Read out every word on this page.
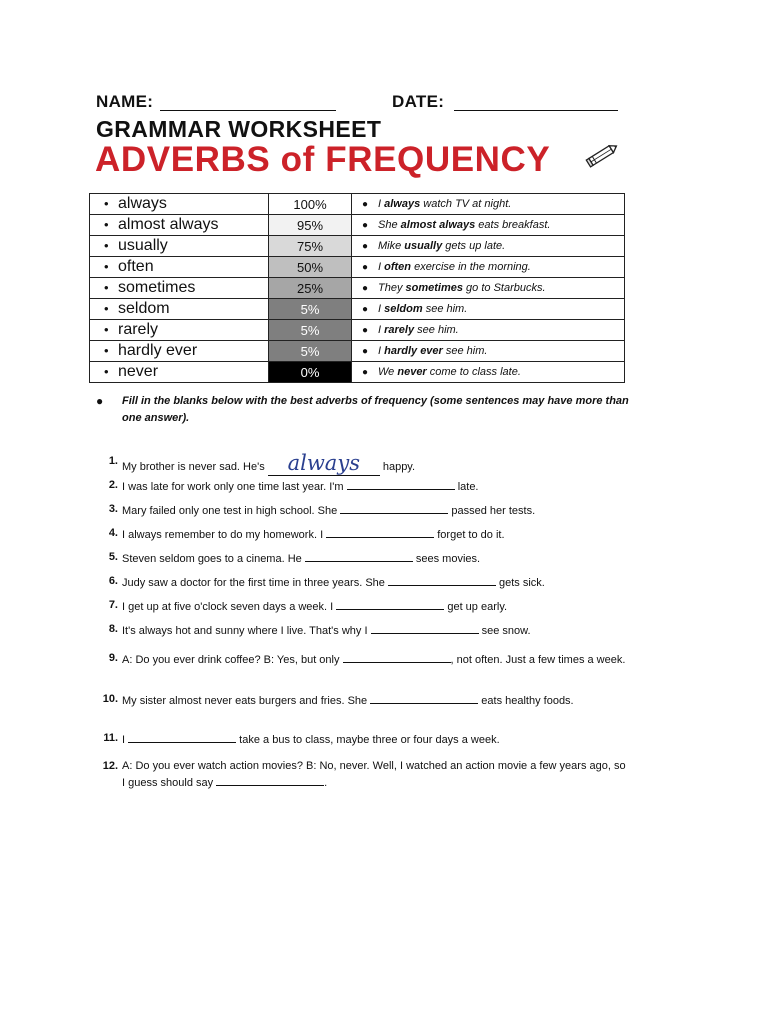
NAME:	DATE:
GRAMMAR WORKSHEET
ADVERBS of FREQUENCY
• always	100%	● I always watch TV at night.
• almost always	95%	● She almost always eats breakfast.
• usually	75%	● Mike usually gets up late.
• often	50%	● I often exercise in the morning.
• sometimes	25%	● They sometimes go to Starbucks.
• seldom	5%	● I seldom see him.
• rarely	5%	● I rarely see him.
• hardly ever	5%	● I hardly ever see him.
• never	0%	● We never come to class late.
●	Fill in the blanks below with the best adverbs of frequency (some sentences may have more than one answer).
1. My brother is never sad. He's always happy.
2. I was late for work only one time last year. I'm	late.
3. Mary failed only one test in high school. She	passed her tests.
4. I always remember to do my homework. I	forget to do it.
5. Steven seldom goes to a cinema. He	sees movies.
6. Judy saw a doctor for the first time in three years. She	gets sick.
7. I get up at five o'clock seven days a week. I	get up early.
8. It's always hot and sunny where I live. That's why I	see snow.
9. A: Do you ever drink coffee? B: Yes, but only	, not often. Just a few times a week.
10. My sister almost never eats burgers and fries. She	eats healthy foods.
11. I	take a bus to class, maybe three or four days a week.
12. A: Do you ever watch action movies? B: No, never. Well, I watched an action movie a few years ago, so I guess should say	.
